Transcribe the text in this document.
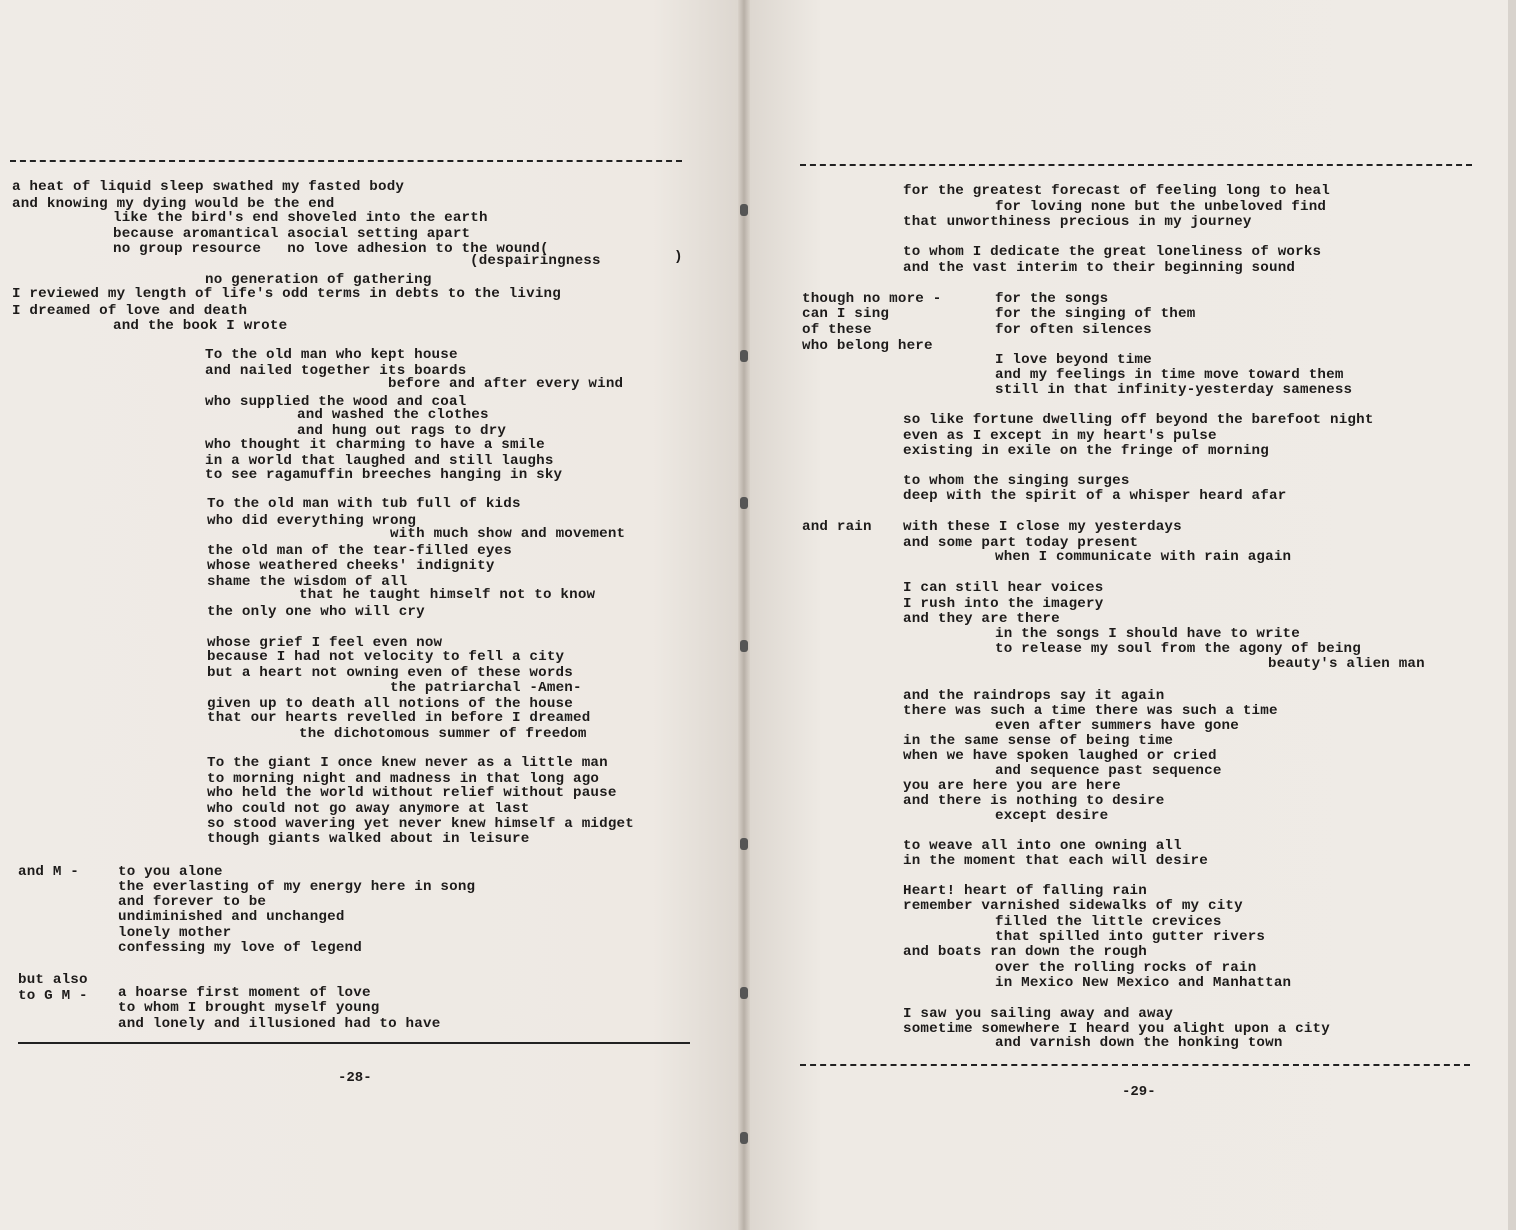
a heat of liquid sleep swathed my fasted body
and knowing my dying would be the end
like the bird's end shoveled into the earth
because aromantical asocial setting apart
no group resource   no love adhesion to the wound(
(despairingness	)
no generation of gathering
I reviewed my length of life's odd terms in debts to the living
I dreamed of love and death
and the book I wrote
To the old man who kept house
and nailed together its boards
before and after every wind
who supplied the wood and coal
and washed the clothes
and hung out rags to dry
who thought it charming to have a smile
in a world that laughed and still laughs
to see ragamuffin breeches hanging in sky
To the old man with tub full of kids
who did everything wrong
with much show and movement
the old man of the tear-filled eyes
whose weathered cheeks' indignity
shame the wisdom of all
that he taught himself not to know
the only one who will cry
whose grief I feel even now
because I had not velocity to fell a city
but a heart not owning even of these words
the patriarchal -Amen-
given up to death all notions of the house
that our hearts revelled in before I dreamed
the dichotomous summer of freedom
To the giant I once knew never as a little man
to morning night and madness in that long ago
who held the world without relief without pause
who could not go away anymore at last
so stood wavering yet never knew himself a midget
though giants walked about in leisure
and M -	to you alone
the everlasting of my energy here in song
and forever to be
undiminished and unchanged
lonely mother
confessing my love of legend
but also
to G M - a hoarse first moment of love
to whom I brought myself young
and lonely and illusioned had to have
-28-
for the greatest forecast of feeling long to heal
for loving none but the unbeloved find
that unworthiness precious in my journey
to whom I dedicate the great loneliness of works
and the vast interim to their beginning sound
though no more -	for the songs
can I sing	for the singing of them
of these	for often silences
who belong here
I love beyond time
and my feelings in time move toward them
still in that infinity-yesterday sameness
so like fortune dwelling off beyond the barefoot night
even as I except in my heart's pulse
existing in exile on the fringe of morning
to whom the singing surges
deep with the spirit of a whisper heard afar
and rain with these I close my yesterdays
and some part today present
when I communicate with rain again
I can still hear voices
I rush into the imagery
and they are there
in the songs I should have to write
to release my soul from the agony of being
beauty's alien man
and the raindrops say it again
there was such a time there was such a time
even after summers have gone
in the same sense of being time
when we have spoken laughed or cried
and sequence past sequence
you are here you are here
and there is nothing to desire
except desire
to weave all into one owning all
in the moment that each will desire
Heart! heart of falling rain
remember varnished sidewalks of my city
filled the little crevices
that spilled into gutter rivers
and boats ran down the rough
over the rolling rocks of rain
in Mexico New Mexico and Manhattan
I saw you sailing away and away
sometime somewhere I heard you alight upon a city
and varnish down the honking town
-29-
